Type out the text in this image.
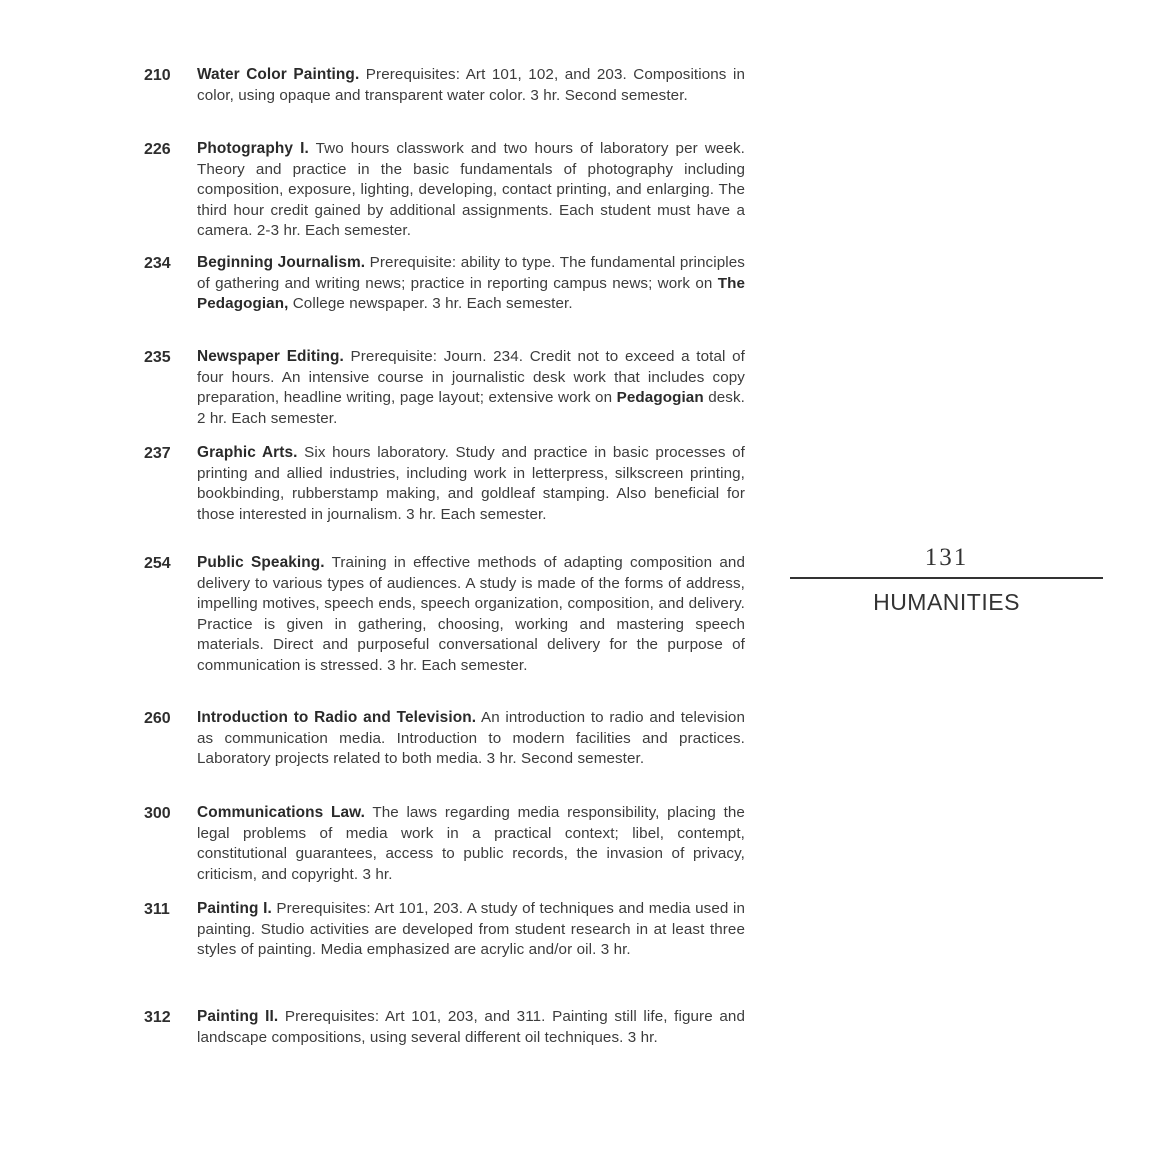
210	Water Color Painting. Prerequisites: Art 101, 102, and 203. Compositions in color, using opaque and transparent water color. 3 hr. Second semester.
226	Photography I. Two hours classwork and two hours of laboratory per week. Theory and practice in the basic fundamentals of photography including composition, exposure, lighting, developing, contact printing, and enlarging. The third hour credit gained by additional assignments. Each student must have a camera. 2-3 hr. Each semester.
234	Beginning Journalism. Prerequisite: ability to type. The fundamental principles of gathering and writing news; practice in reporting campus news; work on The Pedagogian, College newspaper. 3 hr. Each semester.
235	Newspaper Editing. Prerequisite: Journ. 234. Credit not to exceed a total of four hours. An intensive course in journalistic desk work that includes copy preparation, headline writing, page layout; extensive work on Pedagogian desk. 2 hr. Each semester.
237	Graphic Arts. Six hours laboratory. Study and practice in basic processes of printing and allied industries, including work in letterpress, silkscreen printing, bookbinding, rubberstamp making, and goldleaf stamping. Also beneficial for those interested in journalism. 3 hr. Each semester.
254	Public Speaking. Training in effective methods of adapting composition and delivery to various types of audiences. A study is made of the forms of address, impelling motives, speech ends, speech organization, composition, and delivery. Practice is given in gathering, choosing, working and mastering speech materials. Direct and purposeful conversational delivery for the purpose of communication is stressed. 3 hr. Each semester.
260	Introduction to Radio and Television. An introduction to radio and television as communication media. Introduction to modern facilities and practices. Laboratory projects related to both media. 3 hr. Second semester.
300	Communications Law. The laws regarding media responsibility, placing the legal problems of media work in a practical context; libel, contempt, constitutional guarantees, access to public records, the invasion of privacy, criticism, and copyright. 3 hr.
311	Painting I. Prerequisites: Art 101, 203. A study of techniques and media used in painting. Studio activities are developed from student research in at least three styles of painting. Media emphasized are acrylic and/or oil. 3 hr.
312	Painting II. Prerequisites: Art 101, 203, and 311. Painting still life, figure and landscape compositions, using several different oil techniques. 3 hr.
131
HUMANITIES
